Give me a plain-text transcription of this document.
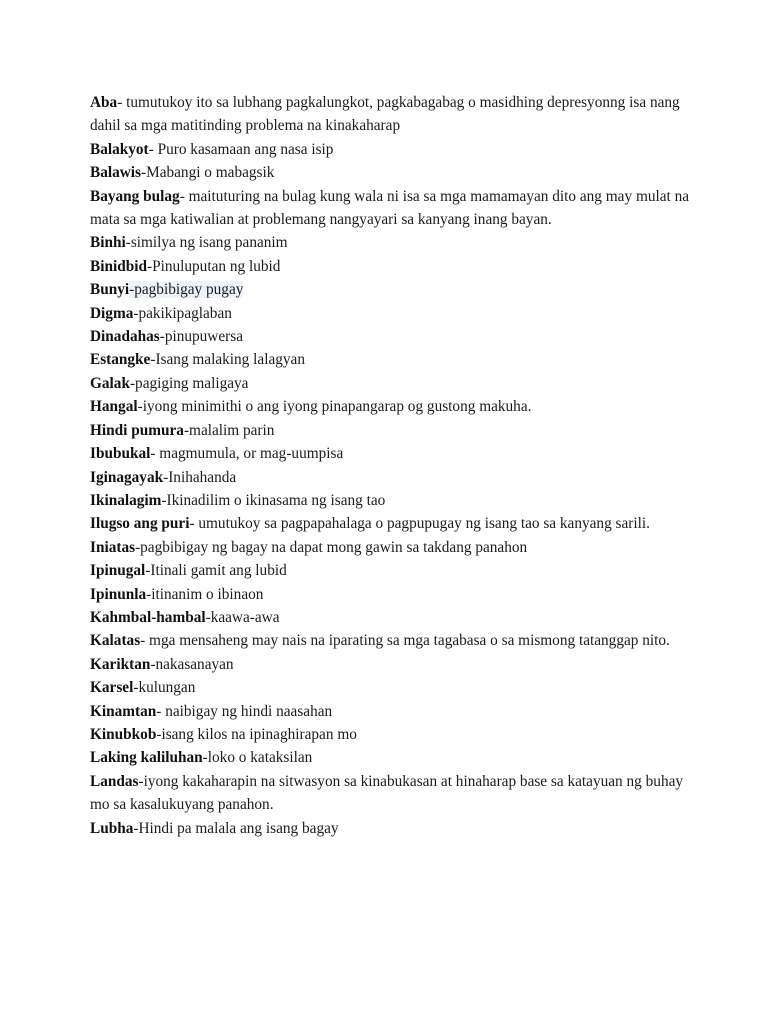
Aba- tumutukoy ito sa lubhang pagkalungkot, pagkabagabag o masidhing depresyonng isa nang dahil sa mga matitinding problema na kinakaharap

Balakyot- Puro kasamaan ang nasa isip

Balawis-Mabangi o mabagsik

Bayang bulag- maituturing na bulag kung wala ni isa sa mga mamamayan dito ang may mulat na mata sa mga katiwalian at problemang nangyayari sa kanyang inang bayan.

Binhi-similya ng isang pananim

Binidbid-Pinuluputan ng lubid

Bunyi-pagbibigay pugay

Digma-pakikipaglaban

Dinadahas-pinupuwersa

Estangke-Isang malaking lalagyan

Galak-pagiging maligaya

Hangal-iyong minimithi o ang iyong pinapangarap og gustong makuha.

Hindi pumura-malalim parin

Ibubukal- magmumula, or mag-uumpisa

Iginagayak-Inihahanda

Ikinalagim-Ikinadilim o ikinasama ng isang tao

Ilugso ang puri- umutukoy sa pagpapahalaga o pagpupugay ng isang tao sa kanyang sarili.

Iniatas-pagbibigay ng bagay na dapat mong gawin sa takdang panahon

Ipinugal-Itinali gamit ang lubid

Ipinunla-itinanim o ibinaon

Kahmbal-hambal-kaawa-awa

Kalatas- mga mensaheng may nais na iparating sa mga tagabasa o sa mismong tatanggap nito.

Kariktan-nakasanayan

Karsel-kulungan

Kinamtan- naibigay ng hindi naasahan

Kinubkob-isang kilos na ipinaghirapan mo

Laking kaliluhan-loko o kataksilan

Landas-iyong kakaharapin na sitwasyon sa kinabukasan at hinaharap base sa katayuan ng buhay mo sa kasalukuyang panahon.

Lubha-Hindi pa malala ang isang bagay
